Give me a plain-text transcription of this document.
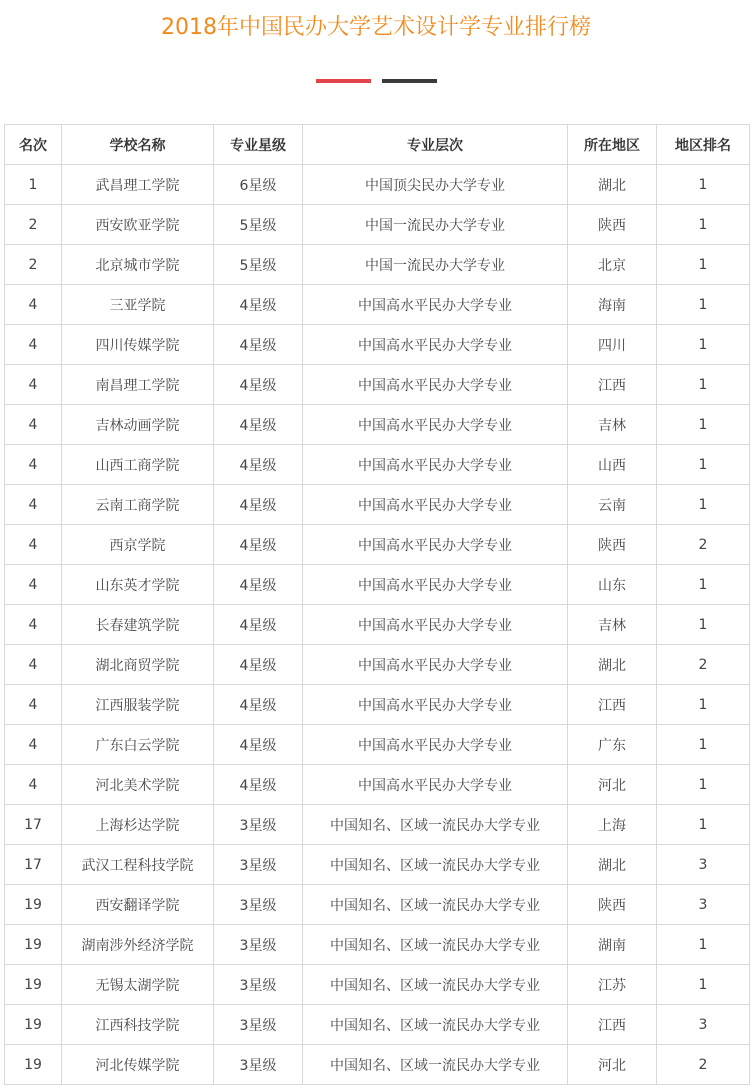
2018年中国民办大学艺术设计学专业排行榜
名次	学校名称	专业星级	专业层次	所在地区	地区排名
1	武昌理工学院	6星级	中国顶尖民办大学专业	湖北	1
2	西安欧亚学院	5星级	中国一流民办大学专业	陕西	1
2	北京城市学院	5星级	中国一流民办大学专业	北京	1
4	三亚学院	4星级	中国高水平民办大学专业	海南	1
4	四川传媒学院	4星级	中国高水平民办大学专业	四川	1
4	南昌理工学院	4星级	中国高水平民办大学专业	江西	1
4	吉林动画学院	4星级	中国高水平民办大学专业	吉林	1
4	山西工商学院	4星级	中国高水平民办大学专业	山西	1
4	云南工商学院	4星级	中国高水平民办大学专业	云南	1
4	西京学院	4星级	中国高水平民办大学专业	陕西	2
4	山东英才学院	4星级	中国高水平民办大学专业	山东	1
4	长春建筑学院	4星级	中国高水平民办大学专业	吉林	1
4	湖北商贸学院	4星级	中国高水平民办大学专业	湖北	2
4	江西服装学院	4星级	中国高水平民办大学专业	江西	1
4	广东白云学院	4星级	中国高水平民办大学专业	广东	1
4	河北美术学院	4星级	中国高水平民办大学专业	河北	1
17	上海杉达学院	3星级	中国知名、区域一流民办大学专业	上海	1
17	武汉工程科技学院	3星级	中国知名、区域一流民办大学专业	湖北	3
19	西安翻译学院	3星级	中国知名、区域一流民办大学专业	陕西	3
19	湖南涉外经济学院	3星级	中国知名、区域一流民办大学专业	湖南	1
19	无锡太湖学院	3星级	中国知名、区域一流民办大学专业	江苏	1
19	江西科技学院	3星级	中国知名、区域一流民办大学专业	江西	3
19	河北传媒学院	3星级	中国知名、区域一流民办大学专业	河北	2
